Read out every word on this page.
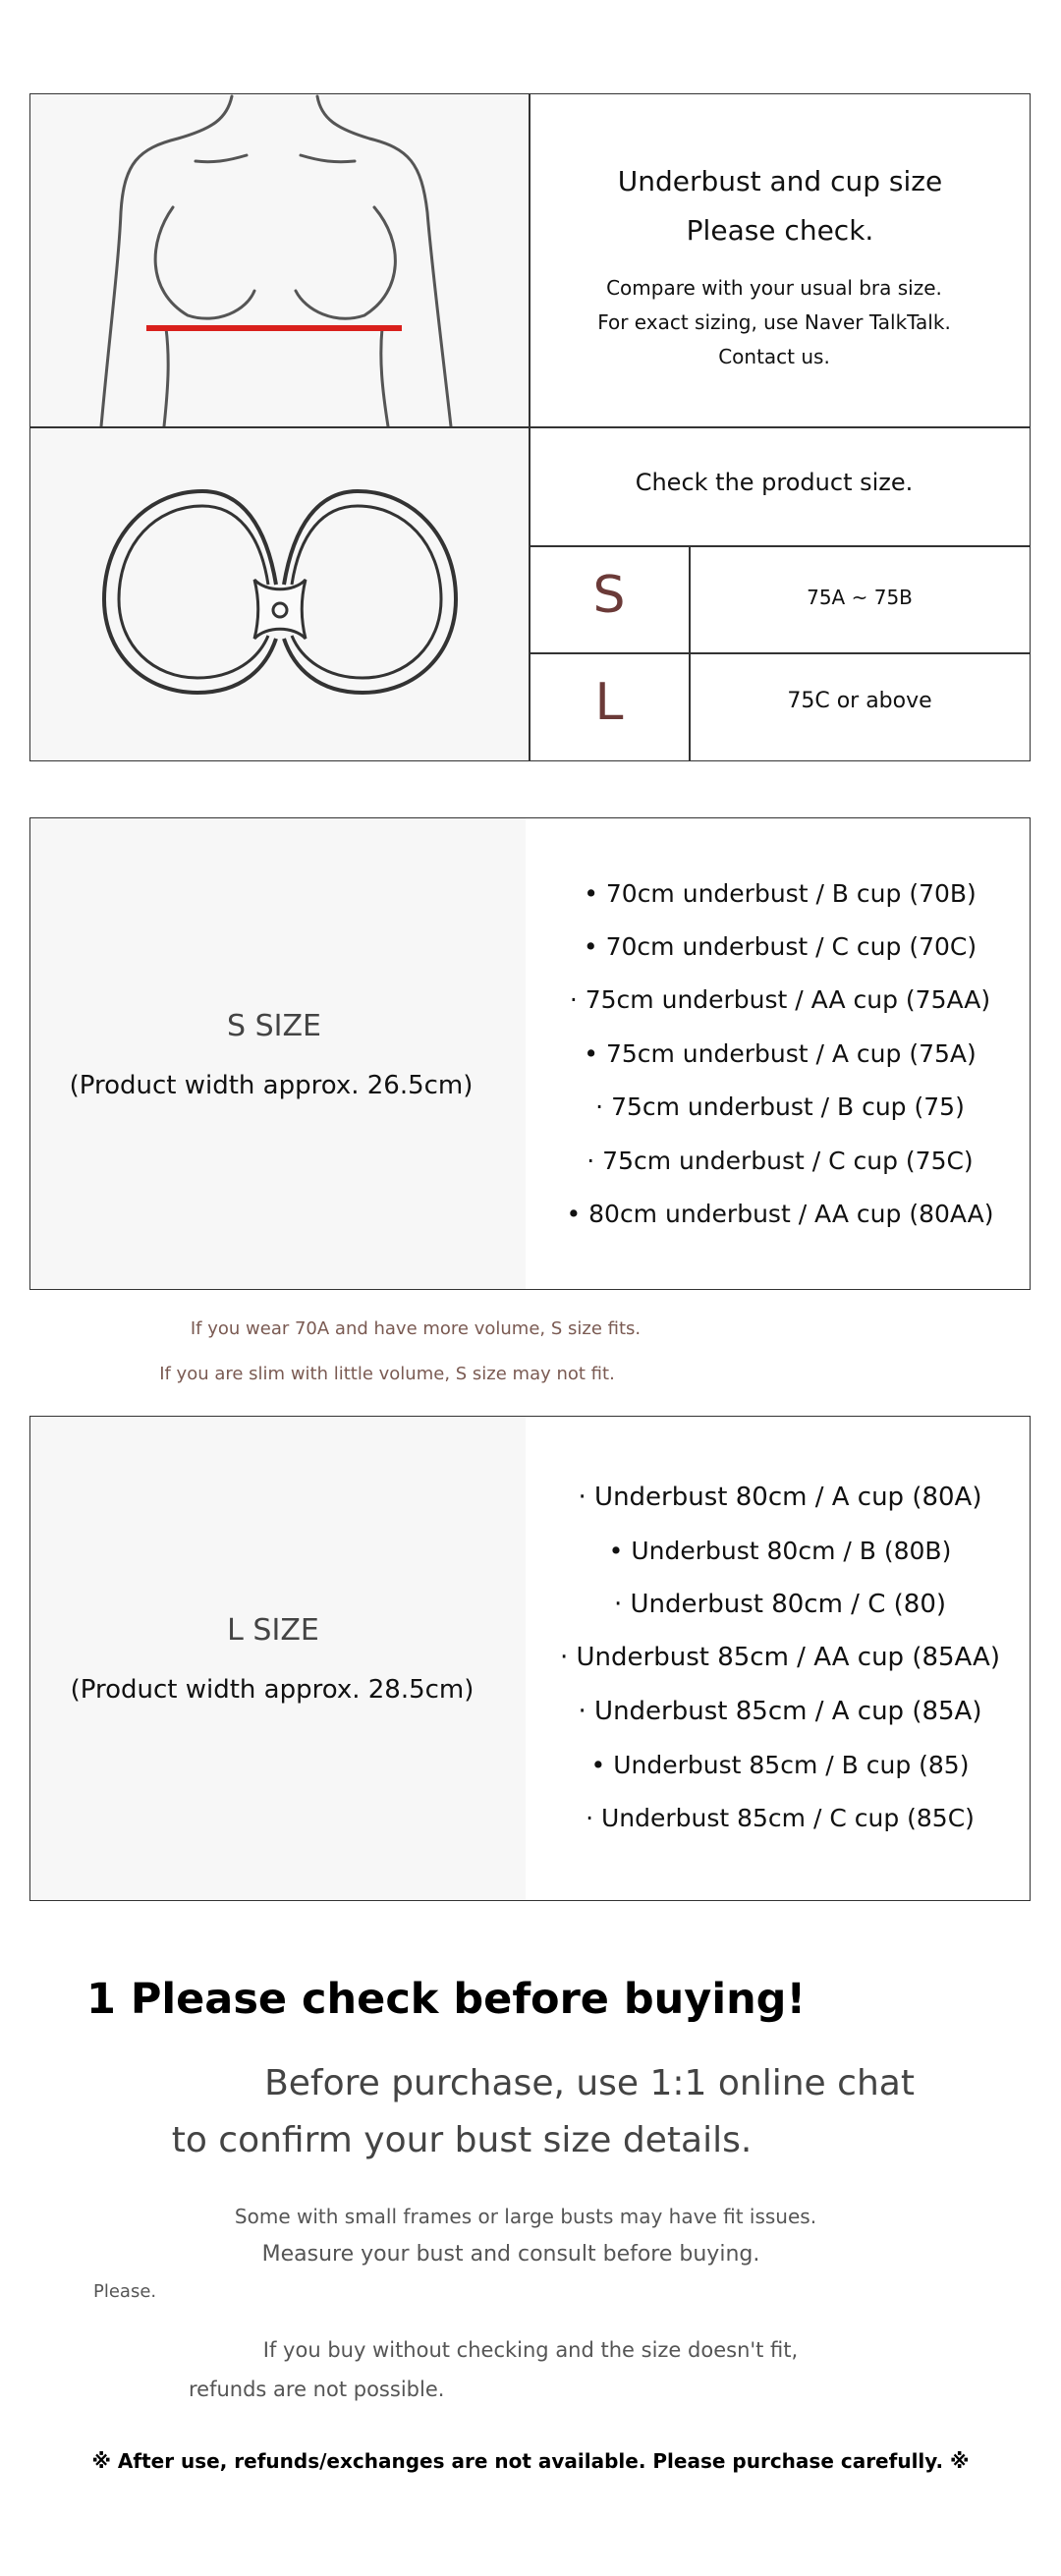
Underbust and cup size
Please check.
Compare with your usual bra size.
For exact sizing, use Naver TalkTalk.
Contact us.
Check the product size.
S	75A ~ 75B
L	75C or above
S SIZE
(Product width approx. 26.5cm)
• 70cm underbust / B cup (70B)
• 70cm underbust / C cup (70C)
· 75cm underbust / AA cup (75AA)
• 75cm underbust / A cup (75A)
· 75cm underbust / B cup (75)
· 75cm underbust / C cup (75C)
• 80cm underbust / AA cup (80AA)
If you wear 70A and have more volume, S size fits.
If you are slim with little volume, S size may not fit.
L SIZE
(Product width approx. 28.5cm)
· Underbust 80cm / A cup (80A)
• Underbust 80cm / B (80B)
· Underbust 80cm / C (80)
· Underbust 85cm / AA cup (85AA)
· Underbust 85cm / A cup (85A)
• Underbust 85cm / B cup (85)
· Underbust 85cm / C cup (85C)
1 Please check before buying!
Before purchase, use 1:1 online chat
to confirm your bust size details.
Some with small frames or large busts may have fit issues.
Measure your bust and consult before buying.
Please.
If you buy without checking and the size doesn't fit,
refunds are not possible.
※ After use, refunds/exchanges are not available. Please purchase carefully. ※
